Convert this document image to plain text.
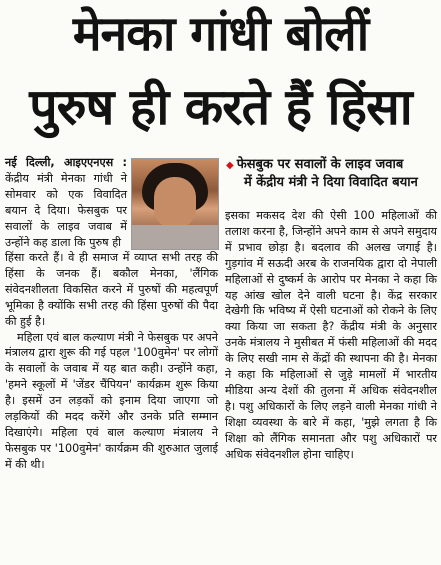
मेनका गांधी बोलीं
पुरुष ही करते हैं हिंसा

नई दिल्ली, आइएएनएस : केंद्रीय मंत्री मेनका गांधी ने सोमवार को एक विवादित बयान दे दिया। फेसबुक पर सवालों के लाइव जवाब में उन्होंने कह डाला कि पुरुष ही

हिंसा करते हैं। वे ही समाज में व्याप्त सभी तरह की हिंसा के जनक हैं। बकौल मेनका, 'लैंगिक संवेदनशीलता विकसित करने में पुरुषों की महत्वपूर्ण भूमिका है क्योंकि सभी तरह की हिंसा पुरुषों की पैदा की हुई है।

महिला एवं बाल कल्याण मंत्री ने फेसबुक पर अपने मंत्रालय द्वारा शुरू की गई पहल '100वुमेन' पर लोगों के सवालों के जवाब में यह बात कही। उन्होंने कहा, 'हमने स्कूलों में 'जेंडर चैंपियन' कार्यक्रम शुरू किया है। इसमें उन लड़कों को इनाम दिया जाएगा जो लड़कियों की मदद करेंगे और उनके प्रति सम्मान दिखाएंगे। महिला एवं बाल कल्याण मंत्रालय ने फेसबुक पर '100वुमेन' कार्यक्रम की शुरुआत जुलाई में की थी।

◆ फेसबुक पर सवालों के लाइव जवाब
में केंद्रीय मंत्री ने दिया विवादित बयान

इसका मकसद देश की ऐसी 100 महिलाओं की तलाश करना है, जिन्होंने अपने काम से अपने समुदाय में प्रभाव छोड़ा है। बदलाव की अलख जगाई है। गुड़गांव में सऊदी अरब के राजनयिक द्वारा दो नेपाली महिलाओं से दुष्कर्म के आरोप पर मेनका ने कहा कि यह आंख खोल देने वाली घटना है। केंद्र सरकार देखेगी कि भविष्य में ऐसी घटनाओं को रोकने के लिए क्या किया जा सकता है? केंद्रीय मंत्री के अनुसार उनके मंत्रालय ने मुसीबत में फंसी महिलाओं की मदद के लिए सखी नाम से केंद्रों की स्थापना की है। मेनका ने कहा कि महिलाओं से जुड़े मामलों में भारतीय मीडिया अन्य देशों की तुलना में अधिक संवेदनशील है। पशु अधिकारों के लिए लड़ने वाली मेनका गांधी ने शिक्षा व्यवस्था के बारे में कहा, 'मुझे लगता है कि शिक्षा को लैंगिक समानता और पशु अधिकारों पर अधिक संवेदनशील होना चाहिए।
